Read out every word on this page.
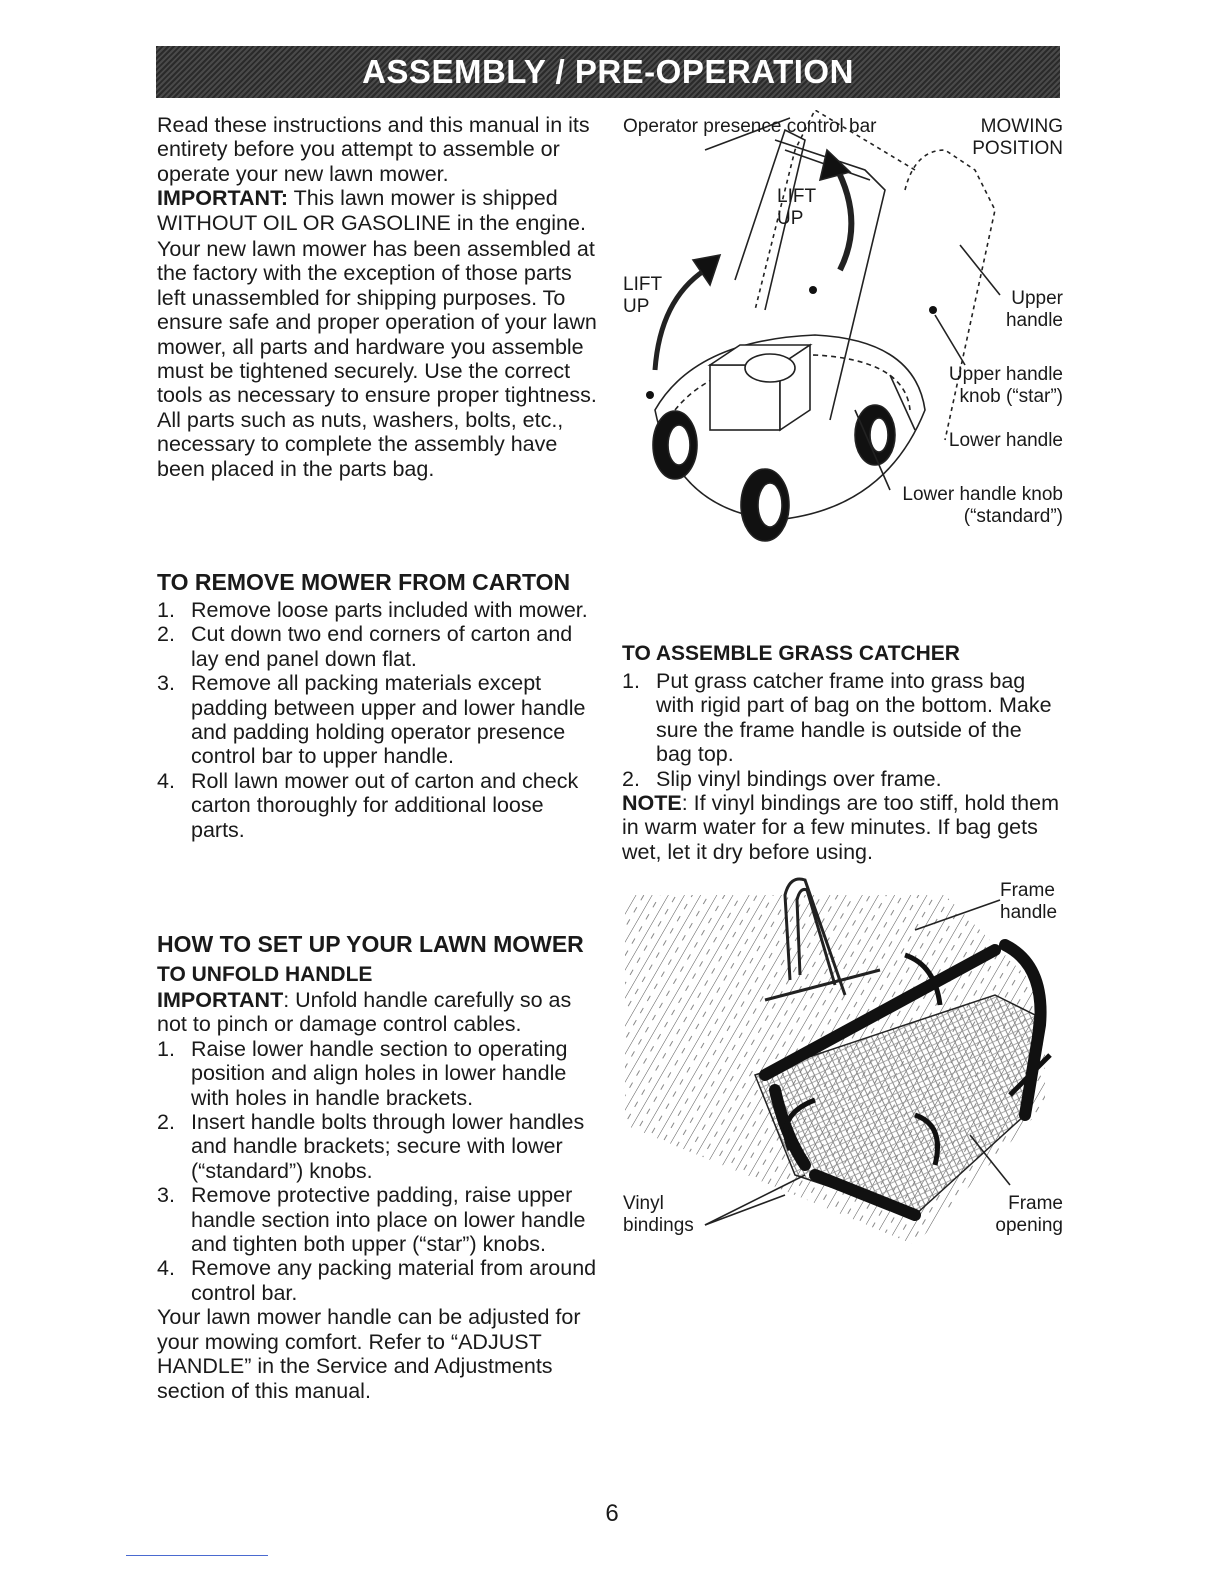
ASSEMBLY / PRE-OPERATION

Read these instructions and this manual in its entirety before you attempt to assemble or operate your new lawn mower.

IMPORTANT: This lawn mower is shipped WITHOUT OIL OR GASOLINE in the engine.

Your new lawn mower has been assembled at the factory with the exception of those parts left unassembled for shipping purposes. To ensure safe and proper operation of your lawn mower, all parts and hardware you assemble must be tightened securely. Use the correct tools as necessary to ensure proper tightness. All parts such as nuts, washers, bolts, etc., necessary to complete the assembly have been placed in the parts bag.

TO REMOVE MOWER FROM CARTON
1. Remove loose parts included with mower.
2. Cut down two end corners of carton and lay end panel down flat.
3. Remove all packing materials except padding between upper and lower handle and padding holding operator presence control bar to upper handle.
4. Roll lawn mower out of carton and check carton thoroughly for additional loose parts.
HOW TO SET UP YOUR LAWN MOWER
TO UNFOLD HANDLE

IMPORTANT: Unfold handle carefully so as not to pinch or damage control cables.

1. Raise lower handle section to operating position and align holes in lower handle with holes in handle brackets.
2. Insert handle bolts through lower handles and handle brackets; secure with lower (“standard”) knobs.
3. Remove protective padding, raise upper handle section into place on lower handle and tighten both upper (“star”) knobs.
4. Remove any packing material from around control bar.

Your lawn mower handle can be adjusted for your mowing comfort. Refer to “ADJUST HANDLE” in the Service and Adjustments section of this manual.

Operator presence control bar	MOWING POSITION
LIFT UP
LIFT UP	Upper handle
Upper handle knob (“star”)
Lower handle
Lower handle knob (“standard”)
TO ASSEMBLE GRASS CATCHER
1. Put grass catcher frame into grass bag with rigid part of bag on the bottom. Make sure the frame handle is outside of the bag top.
2. Slip vinyl bindings over frame.

NOTE: If vinyl bindings are too stiff, hold them in warm water for a few minutes. If bag gets wet, let it dry before using.

Frame handle
Vinyl bindings
Frame opening
6
